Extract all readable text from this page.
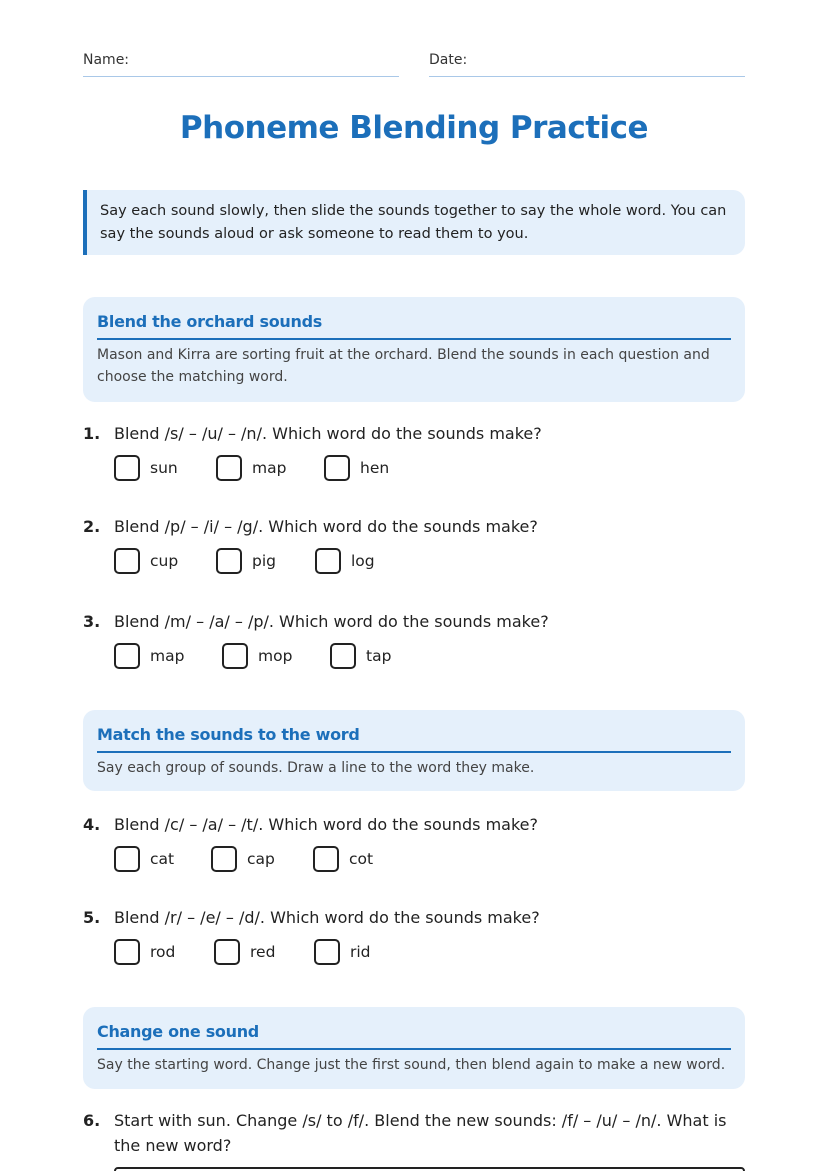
Name:	Date:
Phoneme Blending Practice

Say each sound slowly, then slide the sounds together to say the whole word. You can say the sounds aloud or ask someone to read them to you.

Blend the orchard sounds
Mason and Kirra are sorting fruit at the orchard. Blend the sounds in each question and choose the matching word.
1. Blend /s/ – /u/ – /n/. Which word do the sounds make?
sun	map	hen
2. Blend /p/ – /i/ – /g/. Which word do the sounds make?
cup	pig	log
3. Blend /m/ – /a/ – /p/. Which word do the sounds make?
map	mop	tap
Match the sounds to the word
Say each group of sounds. Draw a line to the word they make.
4. Blend /c/ – /a/ – /t/. Which word do the sounds make?
cat	cap	cot
5. Blend /r/ – /e/ – /d/. Which word do the sounds make?
rod	red	rid
Change one sound
Say the starting word. Change just the first sound, then blend again to make a new word.
6. Start with sun. Change /s/ to /f/. Blend the new sounds: /f/ – /u/ – /n/. What is the new word?
